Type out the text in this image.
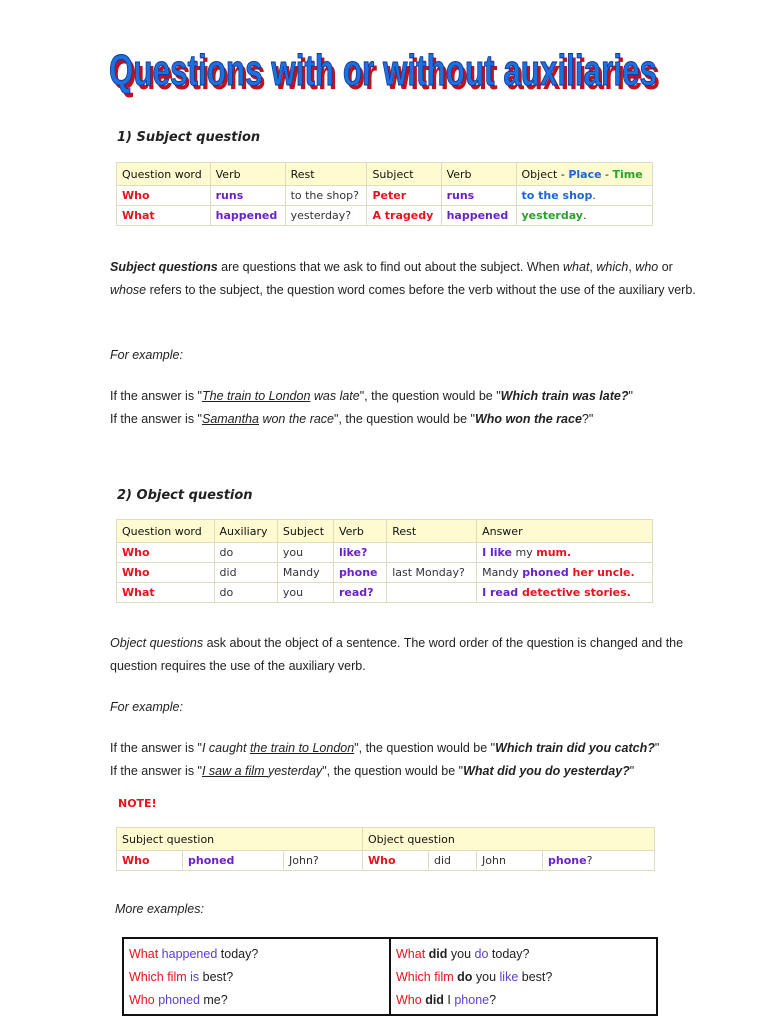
Questions with or without auxiliaries
Questions with or without auxiliaries
1) Subject question
Question word	Verb	Rest	Subject	Verb	Object - Place - Time
Who	runs	to the shop?	Peter	runs	to the shop.
What	happened	yesterday?	A tragedy	happened	yesterday.
Subject questions are questions that we ask to find out about the subject. When what, which, who or whose refers to the subject, the question word comes before the verb without the use of the auxiliary verb.
For example:
If the answer is "The train to London was late", the question would be "Which train was late?"
If the answer is "Samantha won the race", the question would be "Who won the race?"
2) Object question
Question word	Auxiliary	Subject	Verb	Rest	Answer
Who	do	you	like?		I like my mum.
Who	did	Mandy	phone	last Monday?	Mandy phoned her uncle.
What	do	you	read?		I read detective stories.
Object questions ask about the object of a sentence. The word order of the question is changed and the question requires the use of the auxiliary verb.
For example:
If the answer is "I caught the train to London", the question would be "Which train did you catch?"
If the answer is "I saw a film yesterday", the question would be "What did you do yesterday?"
NOTE!
Subject question			Object question			
Who	phoned	John?	Who	did	John	phone?
More examples:
What happened today?
Which film is best?
Who phoned me?

What did you do today?
Which film do you like best?
Who did I phone?
